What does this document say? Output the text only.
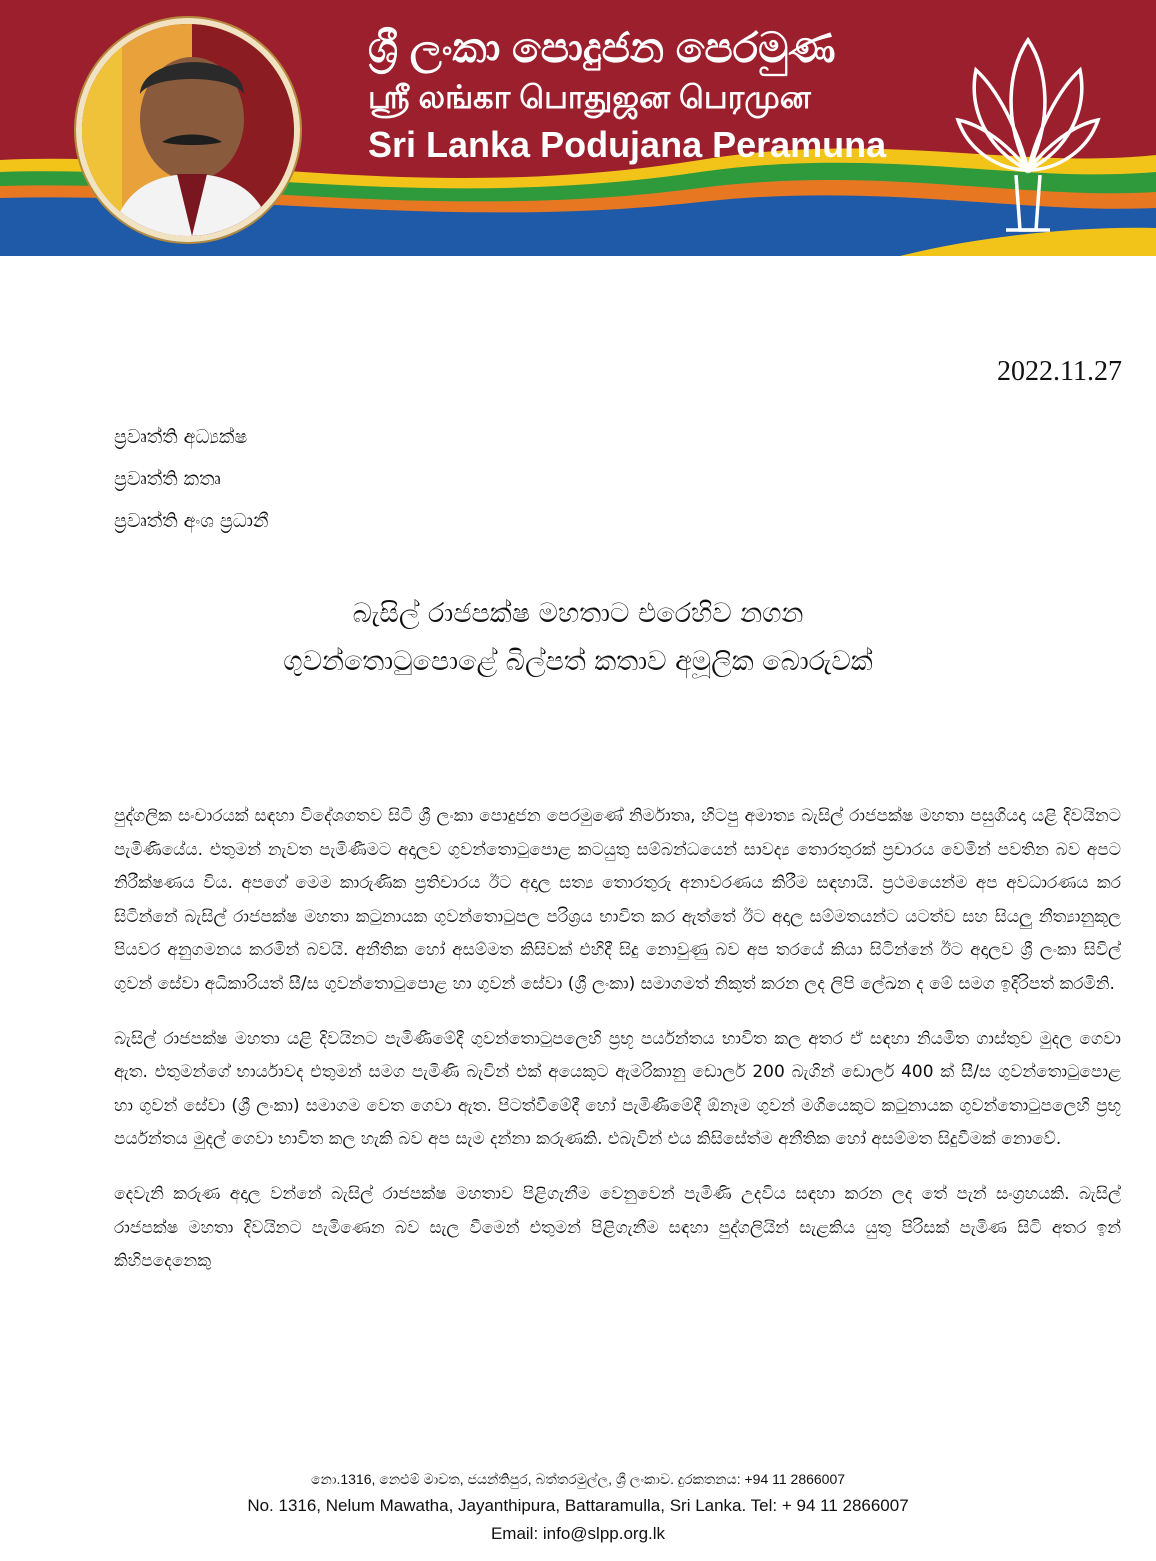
ශ්‍රී ලංකා පොදුජන පෙරමුණ
ஸ்ரீ லங்கா பொதுஜன பெரமுன
Sri Lanka Podujana Peramuna
2022.11.27
ප්‍රවෘත්ති අධ්‍යක්ෂ
ප්‍රවෘත්ති කතෘ
ප්‍රවෘත්ති අංශ ප්‍රධානී
බැසිල් රාජපක්ෂ මහතාට එරෙහිව නගන
ගුවන්තොටුපොළේ බිල්පත් කතාව අමූලික බොරුවක්

පුද්ගලික සංචාරයක් සඳහා විදේශගතව සිටි ශ්‍රී ලංකා පොදුජන පෙරමුණේ නිර්මාතෘ, හිටපු අමාත්‍ය බැසිල් රාජපක්ෂ මහතා පසුගියදා යළි දිවයිනට පැමිණියේය. එතුමන් නැවත පැමිණීමට අදාලව ගුවන්තොටුපොළ කටයුතු සම්බන්ධයෙන් සාවද්‍ය තොරතුරක් ප්‍රචාරය වෙමින් පවතින බව අපට නිරීක්ෂණය විය. අපගේ මෙම කාරුණික ප්‍රතිචාරය ඊට අදාල සත්‍ය තොරතුරු අනාවරණය කිරීම සඳහායි. ප්‍රථමයෙන්ම අප අවධාරණය කර සිටින්නේ බැසිල් රාජපක්ෂ මහතා කටුනායක ගුවන්තොටුපල පරිශ්‍රය භාවිත කර ඇත්තේ ඊට අදාල සම්මතයන්ට යටත්ව සහ සියලු නීත්‍යානුකූල පියවර අනුගමනය කරමින් බවයි. අනීතික හෝ අසම්මත කිසිවක් එහිදී සිදු නොවුණු බව අප තරයේ කියා සිටින්නේ ඊට අදාලව ශ්‍රී ලංකා සිවිල් ගුවන් සේවා අධිකාරියත් සී/ස ගුවන්තොටුපොළ හා ගුවන් සේවා (ශ්‍රී ලංකා) සමාගමත් නිකුත් කරන ලද ලිපි ලේඛන ද මේ සමග ඉදිරිපත් කරමිනි.

බැසිල් රාජපක්ෂ මහතා යළි දිවයිනට පැමිණීමේදී ගුවන්තොටුපලෙහි ප්‍රභූ පර්යන්තය භාවිත කල අතර ඒ සඳහා නියමිත ගාස්තුව මුදල ගෙවා ඇත. එතුමන්ගේ භාර්යාවද එතුමන් සමග පැමිණි බැවින් එක් අයෙකුට ඇමරිකානු ඩොලර් 200 බැගින් ඩොලර් 400 ක් සී/ස ගුවන්තොටුපොළ හා ගුවන් සේවා (ශ්‍රී ලංකා) සමාගම වෙත ගෙවා ඇත. පිටත්වීමේදී හෝ පැමිණීමේදී ඕනෑම ගුවන් මගියෙකුට කටුනායක ගුවන්තොටුපලෙහි ප්‍රභූ පර්යන්තය මුදල් ගෙවා භාවිත කල හැකි බව අප සැම දන්නා කරුණකි. එබැවින් එය කිසිසේත්ම අනීතික හෝ අසම්මත සිදුවීමක් නොවේ.

දෙවැනි කරුණ අදාල වන්නේ බැසිල් රාජපක්ෂ මහතාව පිළිගැනීම වෙනුවෙන් පැමිණි උදවිය සඳහා කරන ලද තේ පැන් සංග්‍රහයකි. බැසිල් රාජපක්ෂ මහතා දිවයිනට පැමිණෙන බව සැල වීමෙන් එතුමන් පිළිගැනීම සඳහා පුද්ගලියින් සැළකිය යුතු පිරිසක් පැමිණ සිටි අතර ඉන් කිහිපදෙනෙකු

නො.1316, නෙළුම් මාවත, ජයන්තිපුර, බත්තරමුල්ල, ශ්‍රී ලංකාව. දුරකතනය: +94 11 2866007
No. 1316, Nelum Mawatha, Jayanthipura, Battaramulla, Sri Lanka. Tel: + 94 11 2866007
Email: info@slpp.org.lk
